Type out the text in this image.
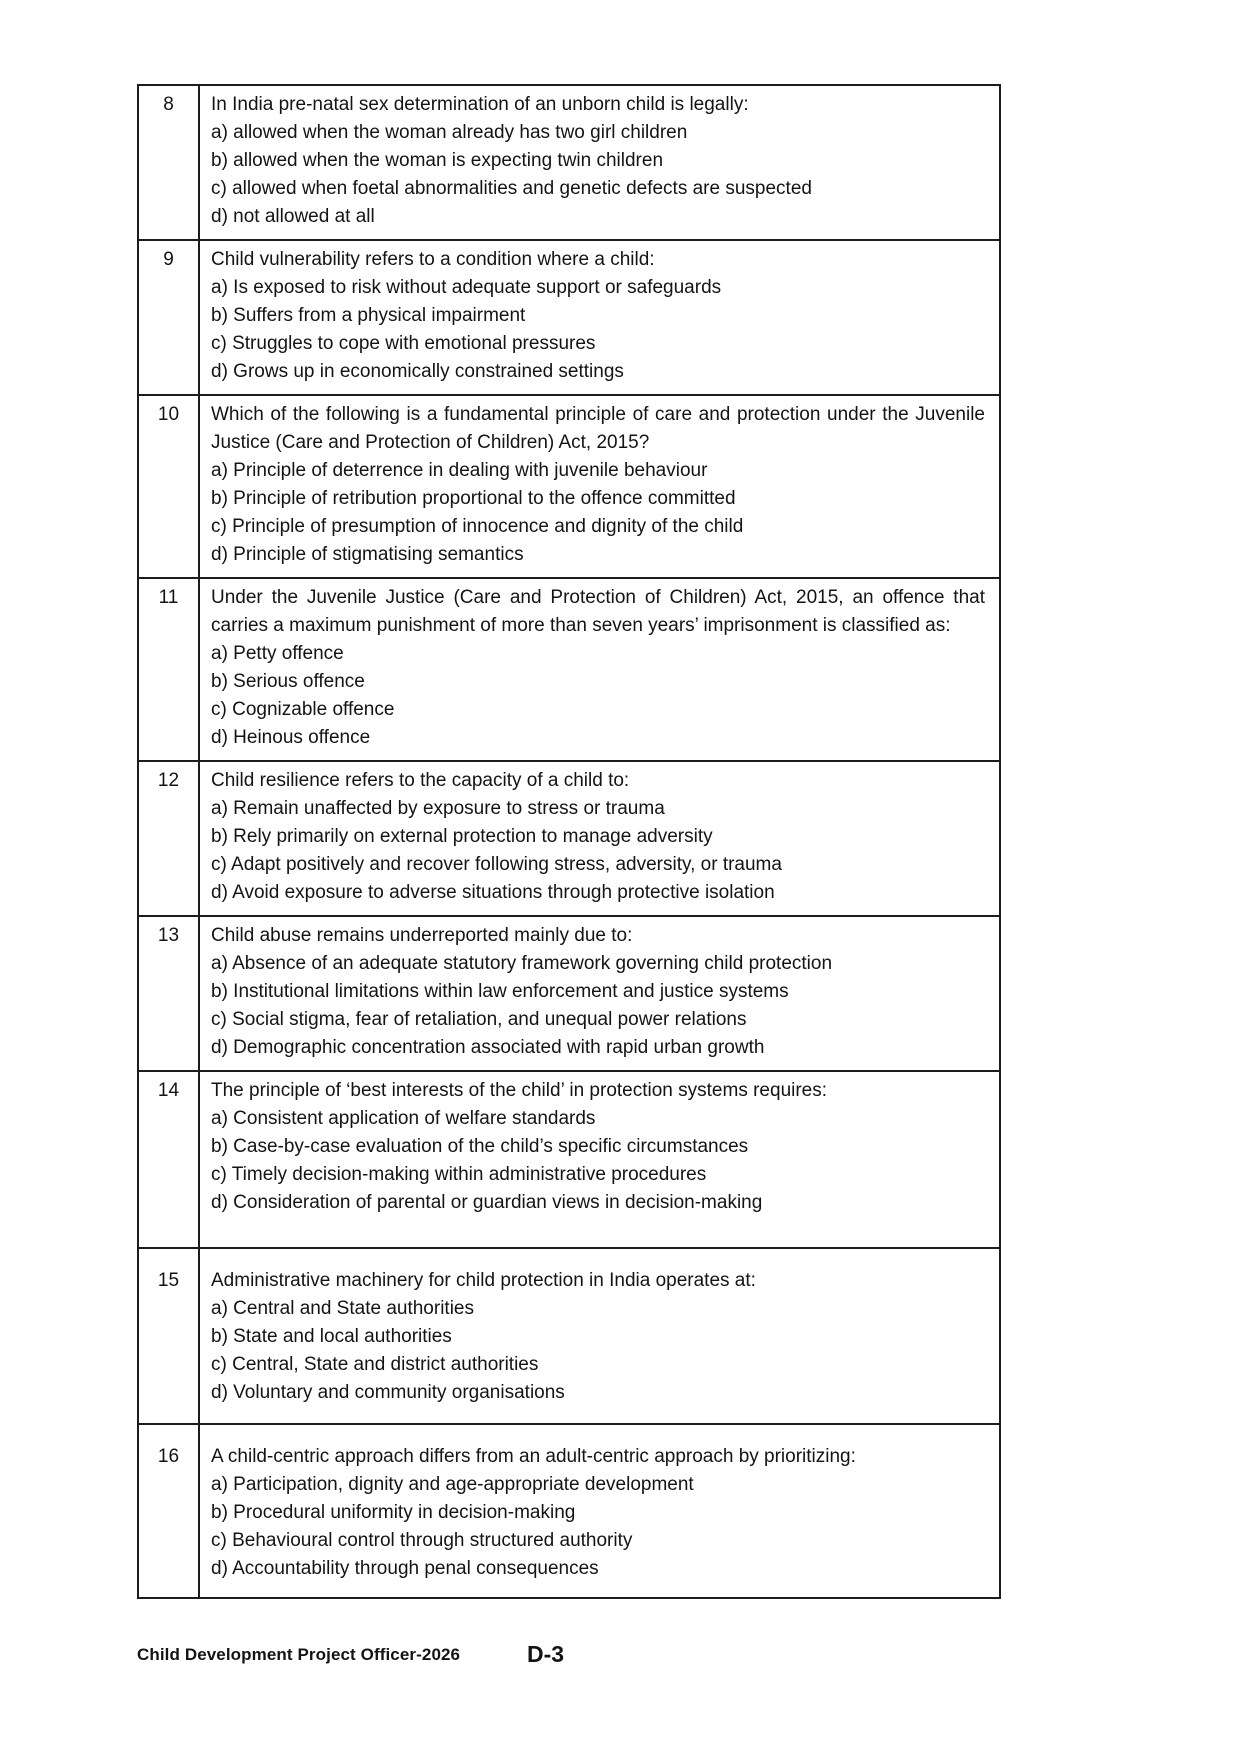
8	In India pre-natal sex determination of an unborn child is legally:
a) allowed when the woman already has two girl children
b) allowed when the woman is expecting twin children
c) allowed when foetal abnormalities and genetic defects are suspected
d) not allowed at all

9	Child vulnerability refers to a condition where a child:
a) Is exposed to risk without adequate support or safeguards
b) Suffers from a physical impairment
c) Struggles to cope with emotional pressures
d) Grows up in economically constrained settings

10	Which of the following is a fundamental principle of care and protection under the Juvenile Justice (Care and Protection of Children) Act, 2015?
a) Principle of deterrence in dealing with juvenile behaviour
b) Principle of retribution proportional to the offence committed
c) Principle of presumption of innocence and dignity of the child
d) Principle of stigmatising semantics

11	Under the Juvenile Justice (Care and Protection of Children) Act, 2015, an offence that carries a maximum punishment of more than seven years’ imprisonment is classified as:
a) Petty offence
b) Serious offence
c) Cognizable offence
d) Heinous offence

12	Child resilience refers to the capacity of a child to:
a) Remain unaffected by exposure to stress or trauma
b) Rely primarily on external protection to manage adversity
c) Adapt positively and recover following stress, adversity, or trauma
d) Avoid exposure to adverse situations through protective isolation

13	Child abuse remains underreported mainly due to:
a) Absence of an adequate statutory framework governing child protection
b) Institutional limitations within law enforcement and justice systems
c) Social stigma, fear of retaliation, and unequal power relations
d) Demographic concentration associated with rapid urban growth

14	The principle of ‘best interests of the child’ in protection systems requires:
a) Consistent application of welfare standards
b) Case-by-case evaluation of the child’s specific circumstances
c) Timely decision-making within administrative procedures
d) Consideration of parental or guardian views in decision-making

15	Administrative machinery for child protection in India operates at:
a) Central and State authorities
b) State and local authorities
c) Central, State and district authorities
d) Voluntary and community organisations

16	A child-centric approach differs from an adult-centric approach by prioritizing:
a) Participation, dignity and age-appropriate development
b) Procedural uniformity in decision-making
c) Behavioural control through structured authority
d) Accountability through penal consequences
Child Development Project Officer-2026	D-3
